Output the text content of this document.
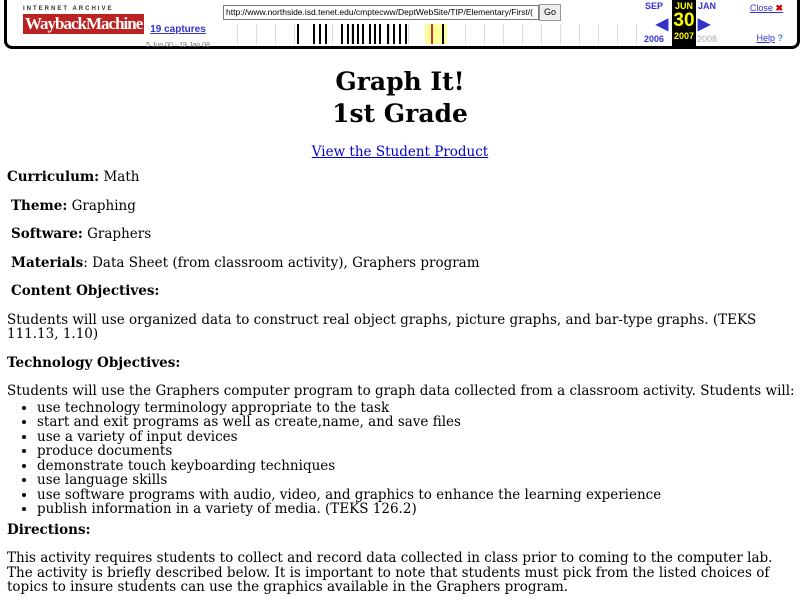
INTERNET ARCHIVE
WaybackMachine 19 captures
5 Jun 00 - 19 Jan 08
http://www.northside.isd.tenet.edu/cmptecww/DeptWebSite/TIP/Elementary/First/(	Go
SEP
◀
2006
JUN
30
2007
JAN
▶
2008
Close ✖
Help ?
Graph It!
1st Grade
View the Student Product

Curriculum: Math

Theme: Graphing

Software: Graphers

Materials: Data Sheet (from classroom activity), Graphers program

Content Objectives:

Students will use organized data to construct real object graphs, picture graphs, and bar-type graphs. (TEKS 111.13, 1.10)

Technology Objectives:

Students will use the Graphers computer program to graph data collected from a classroom activity. Students will:

• use technology terminology appropriate to the task
• start and exit programs as well as create,name, and save files
• use a variety of input devices
• produce documents
• demonstrate touch keyboarding techniques
• use language skills
• use software programs with audio, video, and graphics to enhance the learning experience
• publish information in a variety of media. (TEKS 126.2)

Directions:

This activity requires students to collect and record data collected in class prior to coming to the computer lab. The activity is briefly described below. It is important to note that students must pick from the listed choices of topics to insure students can use the graphics available in the Graphers program.
